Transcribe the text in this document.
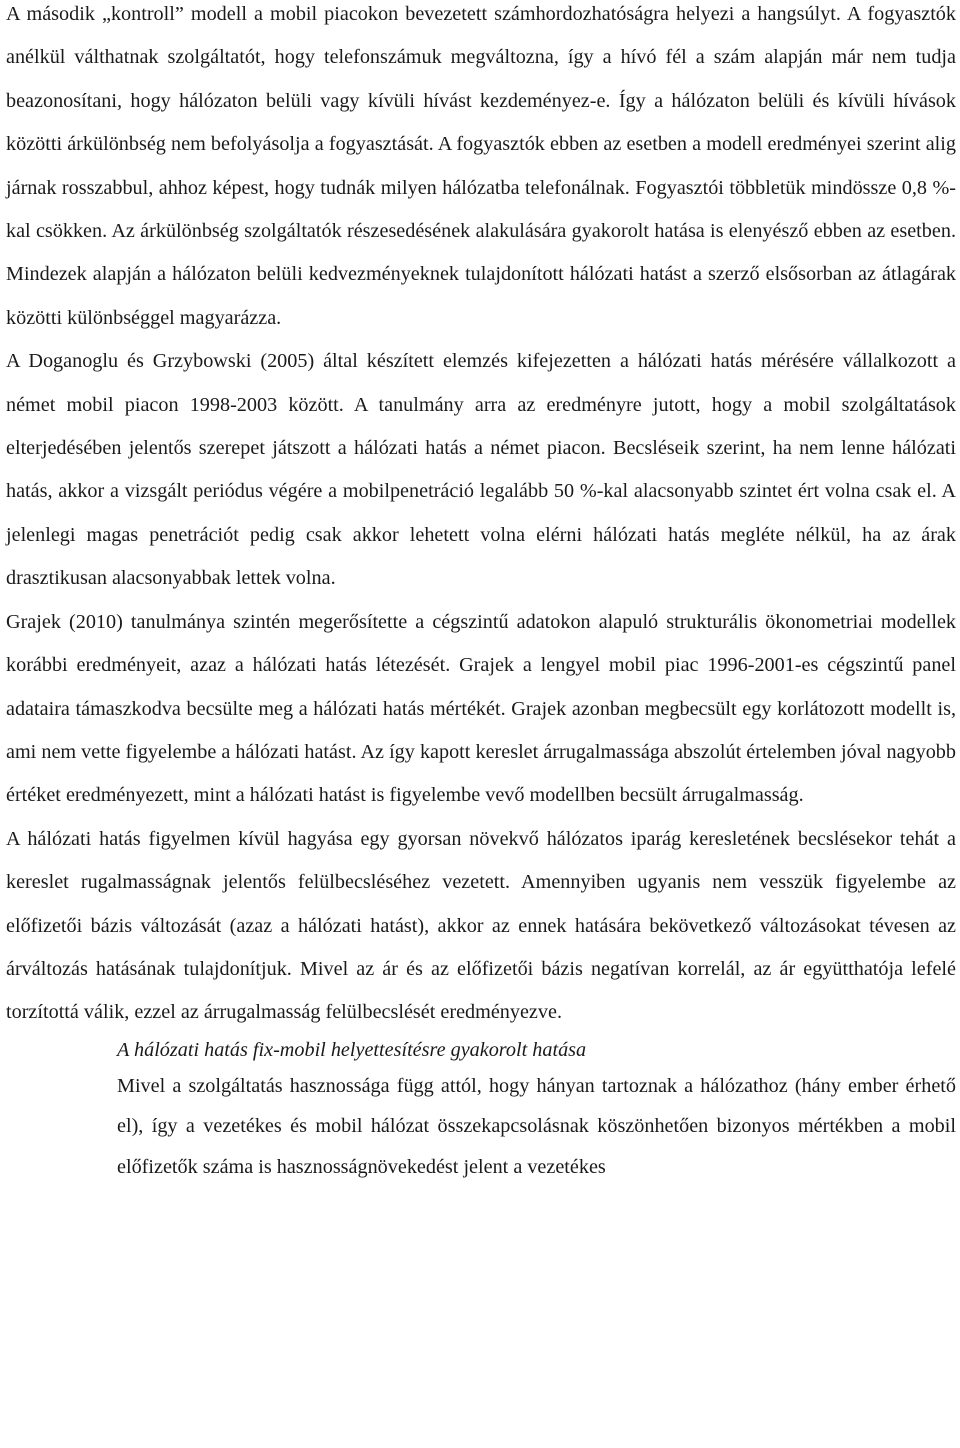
A második „kontroll” modell a mobil piacokon bevezetett számhordozhatóságra helyezi a hangsúlyt. A fogyasztók anélkül válthatnak szolgáltatót, hogy telefonszámuk megváltozna, így a hívó fél a szám alapján már nem tudja beazonosítani, hogy hálózaton belüli vagy kívüli hívást kezdeményez-e. Így a hálózaton belüli és kívüli hívások közötti árkülönbség nem befolyásolja a fogyasztását. A fogyasztók ebben az esetben a modell eredményei szerint alig járnak rosszabbul, ahhoz képest, hogy tudnák milyen hálózatba telefonálnak. Fogyasztói többletük mindössze 0,8 %-kal csökken. Az árkülönbség szolgáltatók részesedésének alakulására gyakorolt hatása is elenyésző ebben az esetben. Mindezek alapján a hálózaton belüli kedvezményeknek tulajdonított hálózati hatást a szerző elsősorban az átlagárak közötti különbséggel magyarázza.

A Doganoglu és Grzybowski (2005) által készített elemzés kifejezetten a hálózati hatás mérésére vállalkozott a német mobil piacon 1998-2003 között. A tanulmány arra az eredményre jutott, hogy a mobil szolgáltatások elterjedésében jelentős szerepet játszott a hálózati hatás a német piacon. Becsléseik szerint, ha nem lenne hálózati hatás, akkor a vizsgált periódus végére a mobilpenetráció legalább 50 %-kal alacsonyabb szintet ért volna csak el. A jelenlegi magas penetrációt pedig csak akkor lehetett volna elérni hálózati hatás megléte nélkül, ha az árak drasztikusan alacsonyabbak lettek volna.

Grajek (2010) tanulmánya szintén megerősítette a cégszintű adatokon alapuló strukturális ökonometriai modellek korábbi eredményeit, azaz a hálózati hatás létezését. Grajek a lengyel mobil piac 1996-2001-es cégszintű panel adataira támaszkodva becsülte meg a hálózati hatás mértékét. Grajek azonban megbecsült egy korlátozott modellt is, ami nem vette figyelembe a hálózati hatást. Az így kapott kereslet árrugalmassága abszolút értelemben jóval nagyobb értéket eredményezett, mint a hálózati hatást is figyelembe vevő modellben becsült árrugalmasság.

A hálózati hatás figyelmen kívül hagyása egy gyorsan növekvő hálózatos iparág keresletének becslésekor tehát a kereslet rugalmasságnak jelentős felülbecsléséhez vezetett. Amennyiben ugyanis nem vesszük figyelembe az előfizetői bázis változását (azaz a hálózati hatást), akkor az ennek hatására bekövetkező változásokat tévesen az árváltozás hatásának tulajdonítjuk. Mivel az ár és az előfizetői bázis negatívan korrelál, az ár együtthatója lefelé torzítottá válik, ezzel az árrugalmasság felülbecslését eredményezve.

A hálózati hatás fix-mobil helyettesítésre gyakorolt hatása

Mivel a szolgáltatás hasznossága függ attól, hogy hányan tartoznak a hálózathoz (hány ember érhető el), így a vezetékes és mobil hálózat összekapcsolásnak köszönhetően bizonyos mértékben a mobil előfizetők száma is hasznosságnövekedést jelent a vezetékes
